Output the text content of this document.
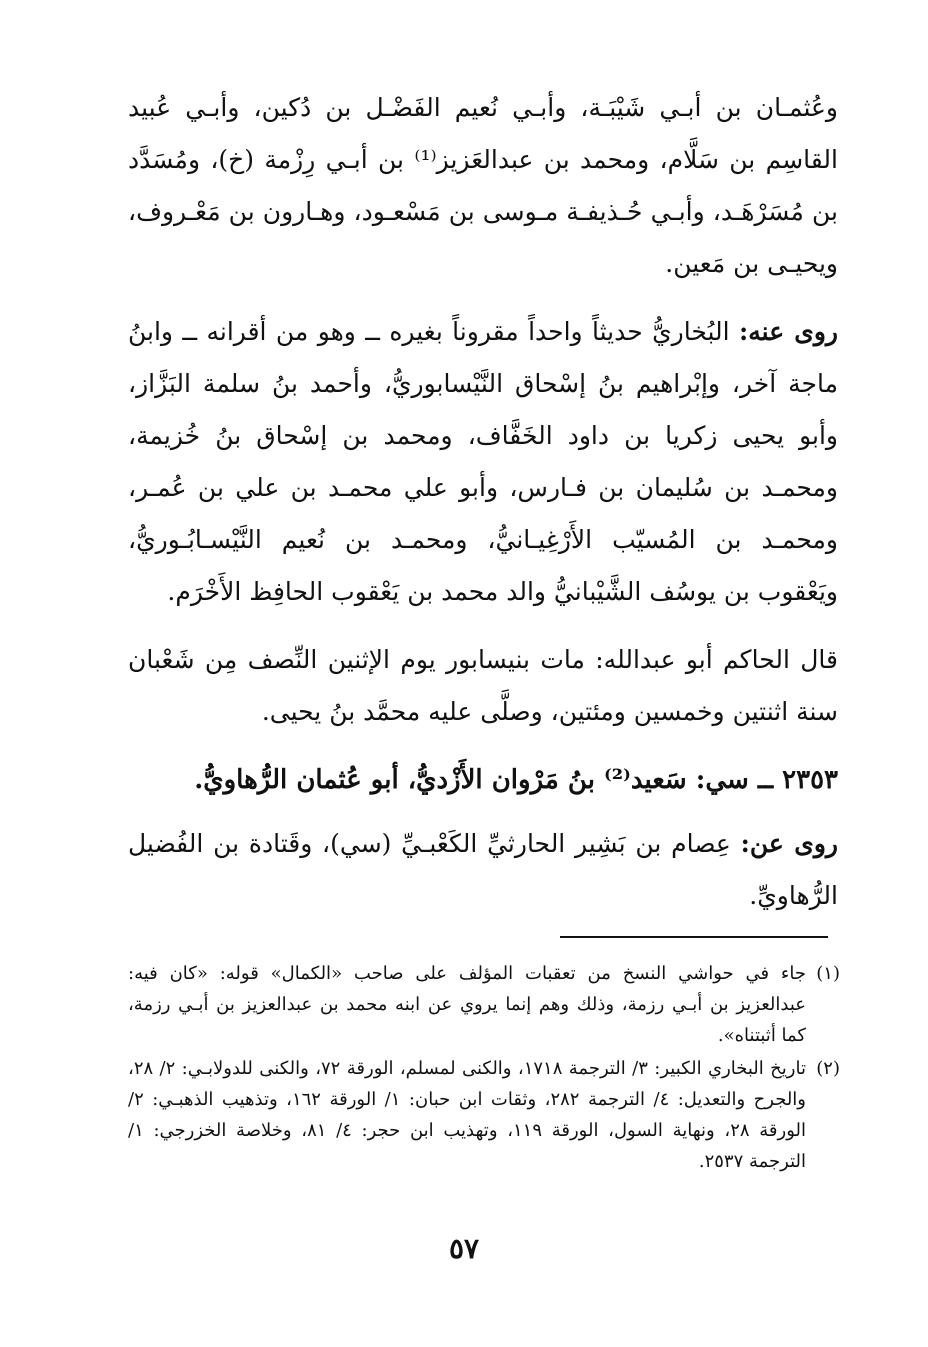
وعُثمـان بن أبـي شَيْبَـة، وأبـي نُعيم الفَضْـل بن دُكين، وأبـي عُبيد القاسِم بن سَلَّام، ومحمد بن عبدالعَزيز⁽¹⁾ بن أبـي رِزْمة (خ)، ومُسَدَّد بن مُسَرْهَـد، وأبـي حُـذيفـة مـوسى بن مَسْعـود، وهـارون بن مَعْـروف، ويحيـى بن مَعين.

روى عنه: البُخاريُّ حديثاً واحداً مقروناً بغيره ــ وهو من أقرانه ــ وابنُ ماجة آخر، وإبْراهيم بنُ إسْحاق النَّيْسابوريُّ، وأحمد بنُ سلمة البَزَّاز، وأبو يحيى زكريا بن داود الخَفَّاف، ومحمد بن إسْحاق بنُ خُزيمة، ومحمـد بن سُليمان بن فـارس، وأبو علي محمـد بن علي بن عُمـر، ومحمـد بن المُسيّب الأَرْغِيـانيُّ، ومحمـد بن نُعيم النَّيْسـابُـوريُّ، ويَعْقوب بن يوسُف الشَّيْبانيُّ والد محمد بن يَعْقوب الحافِظ الأَخْرَم.

قال الحاكم أبو عبدالله: مات بنيسابور يوم الإثنين النِّصف مِن شَعْبان سنة اثنتين وخمسين ومئتين، وصلَّى عليه محمَّد بنُ يحيى.

٢٣٥٣ ــ سي: سَعيد⁽²⁾ بنُ مَرْوان الأَزْديُّ، أبو عُثمان الرُّهاويُّ.

روى عن: عِصام بن بَشِير الحارثيِّ الكَعْبـيِّ (سي)، وقَتادة بن الفُضيل الرُّهاويِّ.

(١)
جاء في حواشي النسخ من تعقبات المؤلف على صاحب «الكمال» قوله: «كان فيه: عبدالعزيز بن أبـي رزمة، وذلك وهم إنما يروي عن ابنه محمد بن عبدالعزيز بن أبـي رزمة، كما أثبتناه».

(٢)
تاريخ البخاري الكبير: ٣/ الترجمة ١٧١٨، والكنى لمسلم، الورقة ٧٢، والكنى للدولابـي: ٢/ ٢٨، والجرح والتعديل: ٤/ الترجمة ٢٨٢، وثقات ابن حبان: ١/ الورقة ١٦٢، وتذهيب الذهبـي: ٢/ الورقة ٢٨، ونهاية السول، الورقة ١١٩، وتهذيب ابن حجر: ٤/ ٨١، وخلاصة الخزرجي: ١/ الترجمة ٢٥٣٧.

٥٧
